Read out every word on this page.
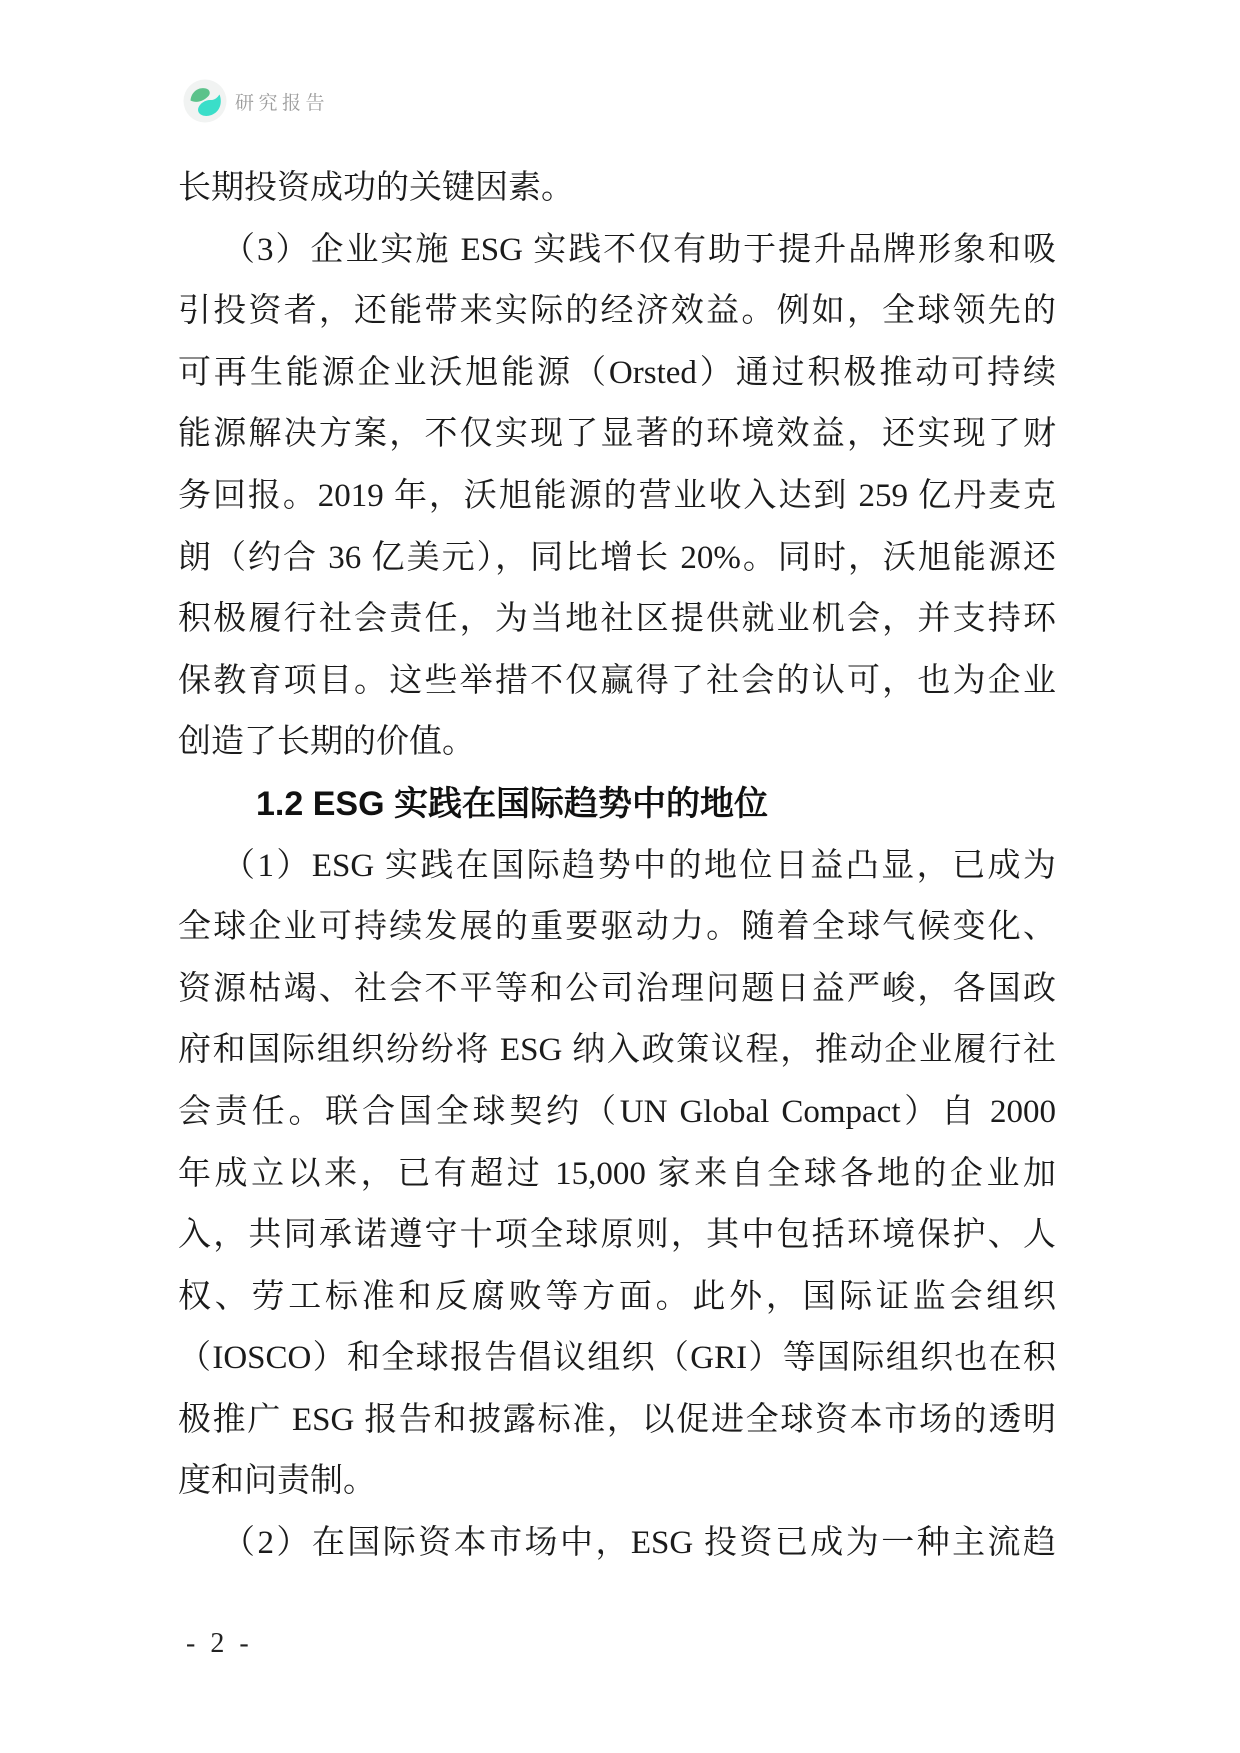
研究报告
长期投资成功的关键因素。
（3）企业实施 ESG 实践不仅有助于提升品牌形象和吸
引投资者，还能带来实际的经济效益。例如，全球领先的
可再生能源企业沃旭能源（Orsted）通过积极推动可持续
能源解决方案，不仅实现了显著的环境效益，还实现了财
务回报。2019 年，沃旭能源的营业收入达到 259 亿丹麦克
朗（约合 36 亿美元），同比增长 20%。同时，沃旭能源还
积极履行社会责任，为当地社区提供就业机会，并支持环
保教育项目。这些举措不仅赢得了社会的认可，也为企业
创造了长期的价值。
1.2 ESG 实践在国际趋势中的地位
（1）ESG 实践在国际趋势中的地位日益凸显，已成为
全球企业可持续发展的重要驱动力。随着全球气候变化、
资源枯竭、社会不平等和公司治理问题日益严峻，各国政
府和国际组织纷纷将 ESG 纳入政策议程，推动企业履行社
会责任。联合国全球契约（UN Global Compact）自 2000
年成立以来，已有超过 15,000 家来自全球各地的企业加
入，共同承诺遵守十项全球原则，其中包括环境保护、人
权、劳工标准和反腐败等方面。此外，国际证监会组织
（IOSCO）和全球报告倡议组织（GRI）等国际组织也在积
极推广 ESG 报告和披露标准，以促进全球资本市场的透明
度和问责制。
（2）在国际资本市场中，ESG 投资已成为一种主流趋
- 2 -
